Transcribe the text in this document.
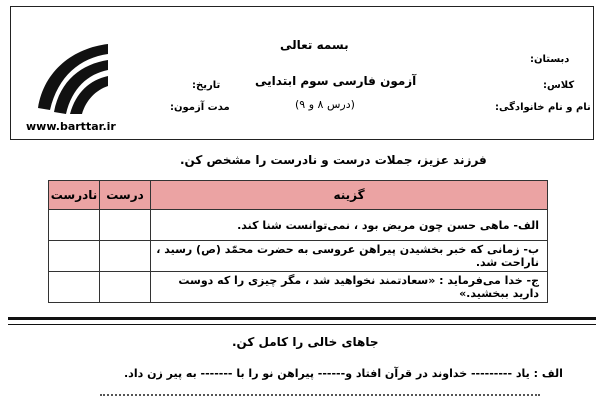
www.barttar.ir
بسمه تعالی
دبستان:
کلاس:
نام و نام خانوادگی:
آزمون فارسی سوم ابتدایی
(درس ۸ و ۹)
تاریخ:
مدت آزمون:
فرزند عزیز، جملات درست و نادرست را مشخص کن.
گزینه	درست	نادرست
الف- ماهی حسن چون مریض بود ، نمی‌توانست شنا کند.		
ب- زمانی که خبر بخشیدن پیراهن عروسی به حضرت محمّد (ص) رسید ، ناراحت شد.		
ج- خدا می‌فرماید : «سعادتمند نخواهید شد ، مگر چیزی را که دوست دارید ببخشید.»		
جاهای خالی را کامل کن.
الف : یاد --------- خداوند در قرآن افتاد و------ پیراهن نو را با ------- به پیر زن داد.
